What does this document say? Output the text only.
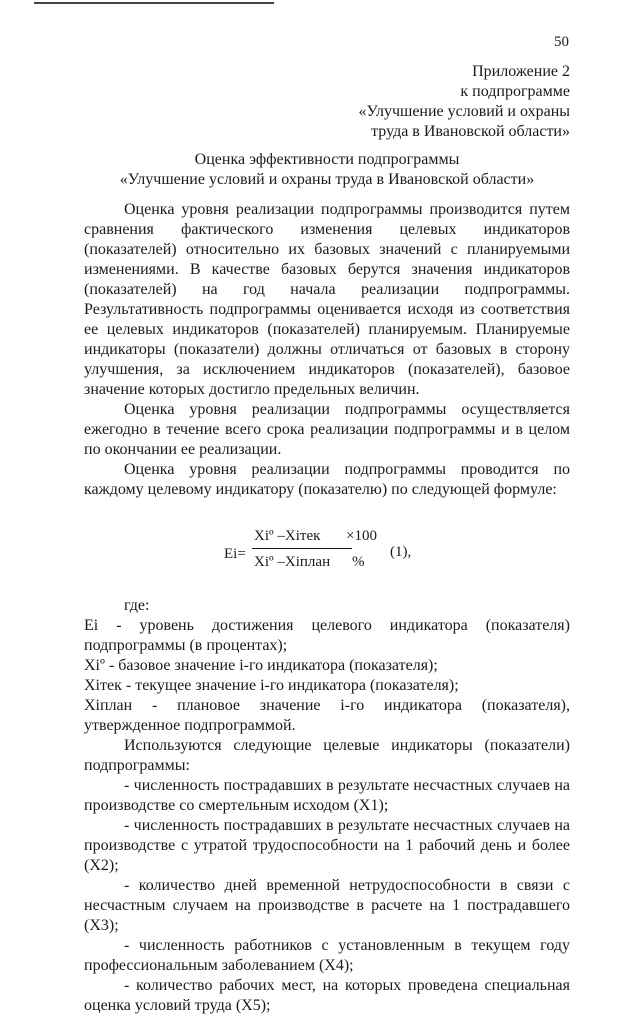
50
Приложение 2
к подпрограмме
«Улучшение условий и охраны
труда в Ивановской области»
Оценка эффективности подпрограммы
«Улучшение условий и охраны труда в Ивановской области»

Оценка уровня реализации подпрограммы производится путем сравнения фактического изменения целевых индикаторов (показателей) относительно их базовых значений с планируемыми изменениями. В качестве базовых берутся значения индикаторов (показателей) на год начала реализации подпрограммы. Результативность подпрограммы оценивается исходя из соответствия ее целевых индикаторов (показателей) планируемым. Планируемые индикаторы (показатели) должны отличаться от базовых в сторону улучшения, за исключением индикаторов (показателей), базовое значение которых достигло предельных величин.

Оценка уровня реализации подпрограммы осуществляется ежегодно в течение всего срока реализации подпрограммы и в целом по окончании ее реализации.

Оценка уровня реализации подпрограммы проводится по каждому целевому индикатору (показателю) по следующей формуле:

Ei=
Xiº –Xiтек
Xiº –Xiплан
×100
%
(1),

где:

Ei - уровень достижения целевого индикатора (показателя) подпрограммы (в процентах);

Xiº - базовое значение i-го индикатора (показателя);

Xiтек - текущее значение i-го индикатора (показателя);

Xiплан - плановое значение i-го индикатора (показателя), утвержденное подпрограммой.

Используются следующие целевые индикаторы (показатели) подпрограммы:

- численность пострадавших в результате несчастных случаев на производстве со смертельным исходом (X1);

- численность пострадавших в результате несчастных случаев на производстве с утратой трудоспособности на 1 рабочий день и более (X2);

- количество дней временной нетрудоспособности в связи с несчастным случаем на производстве в расчете на 1 пострадавшего (X3);

- численность работников с установленным в текущем году профессиональным заболеванием (X4);

- количество рабочих мест, на которых проведена специальная оценка условий труда (X5);
